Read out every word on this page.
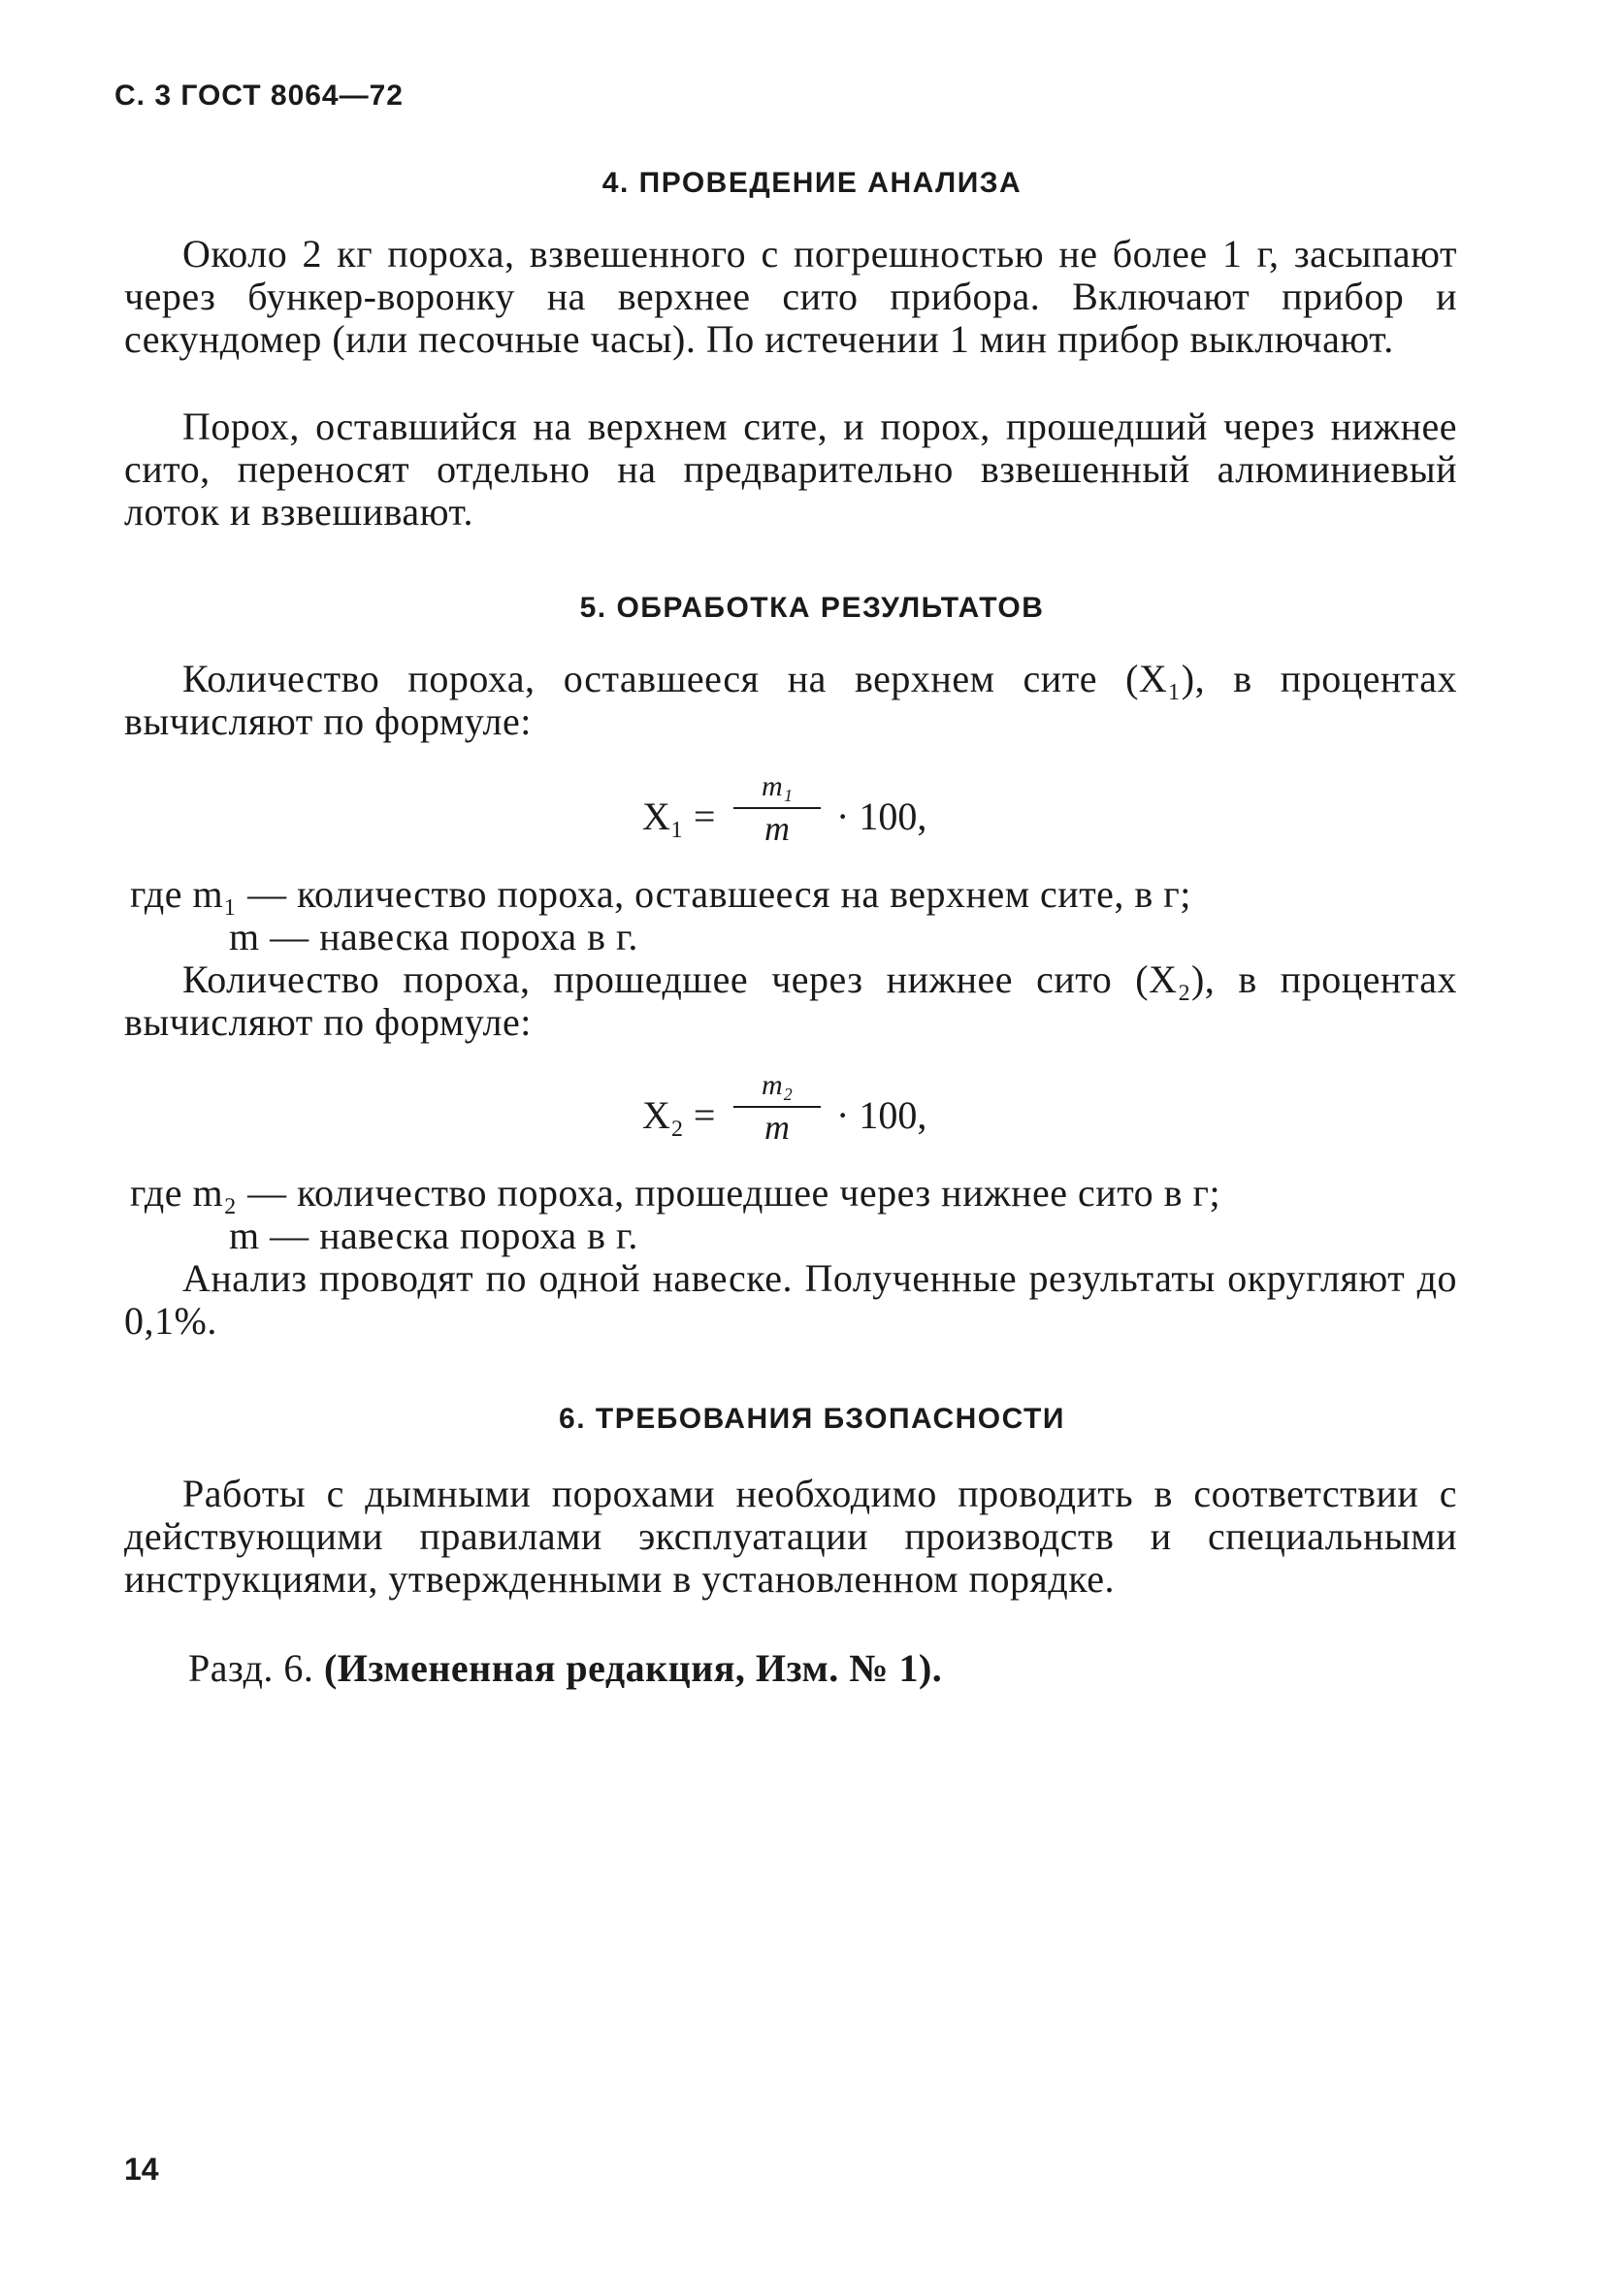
С. 3 ГОСТ 8064—72
4. ПРОВЕДЕНИЕ АНАЛИЗА
Около 2 кг пороха, взвешенного с погрешностью не более 1 г, засыпают через бункер-воронку на верхнее сито прибора. Включают прибор и секундомер (или песочные часы). По истечении 1 мин прибор выключают.
Порох, оставшийся на верхнем сите, и порох, прошедший через нижнее сито, переносят отдельно на предварительно взвешенный алюминиевый лоток и взвешивают.
5. ОБРАБОТКА РЕЗУЛЬТАТОВ
Количество пороха, оставшееся на верхнем сите (X₁), в процентах вычисляют по формуле:
X₁ =
m₁
m	· 100,
где m₁ — количество пороха, оставшееся на верхнем сите, в г;
m — навеска пороха в г.
Количество пороха, прошедшее через нижнее сито (X₂), в процентах вычисляют по формуле:
X₂ =
m₂
m	· 100,
где m₂ — количество пороха, прошедшее через нижнее сито в г;
m — навеска пороха в г.
Анализ проводят по одной навеске. Полученные результаты округляют до 0,1%.
6. ТРЕБОВАНИЯ БЗОПАСНОСТИ
Работы с дымными порохами необходимо проводить в соответствии с действующими правилами эксплуатации производств и специальными инструкциями, утвержденными в установленном порядке.
Разд. 6. (Измененная редакция, Изм. № 1).
14
